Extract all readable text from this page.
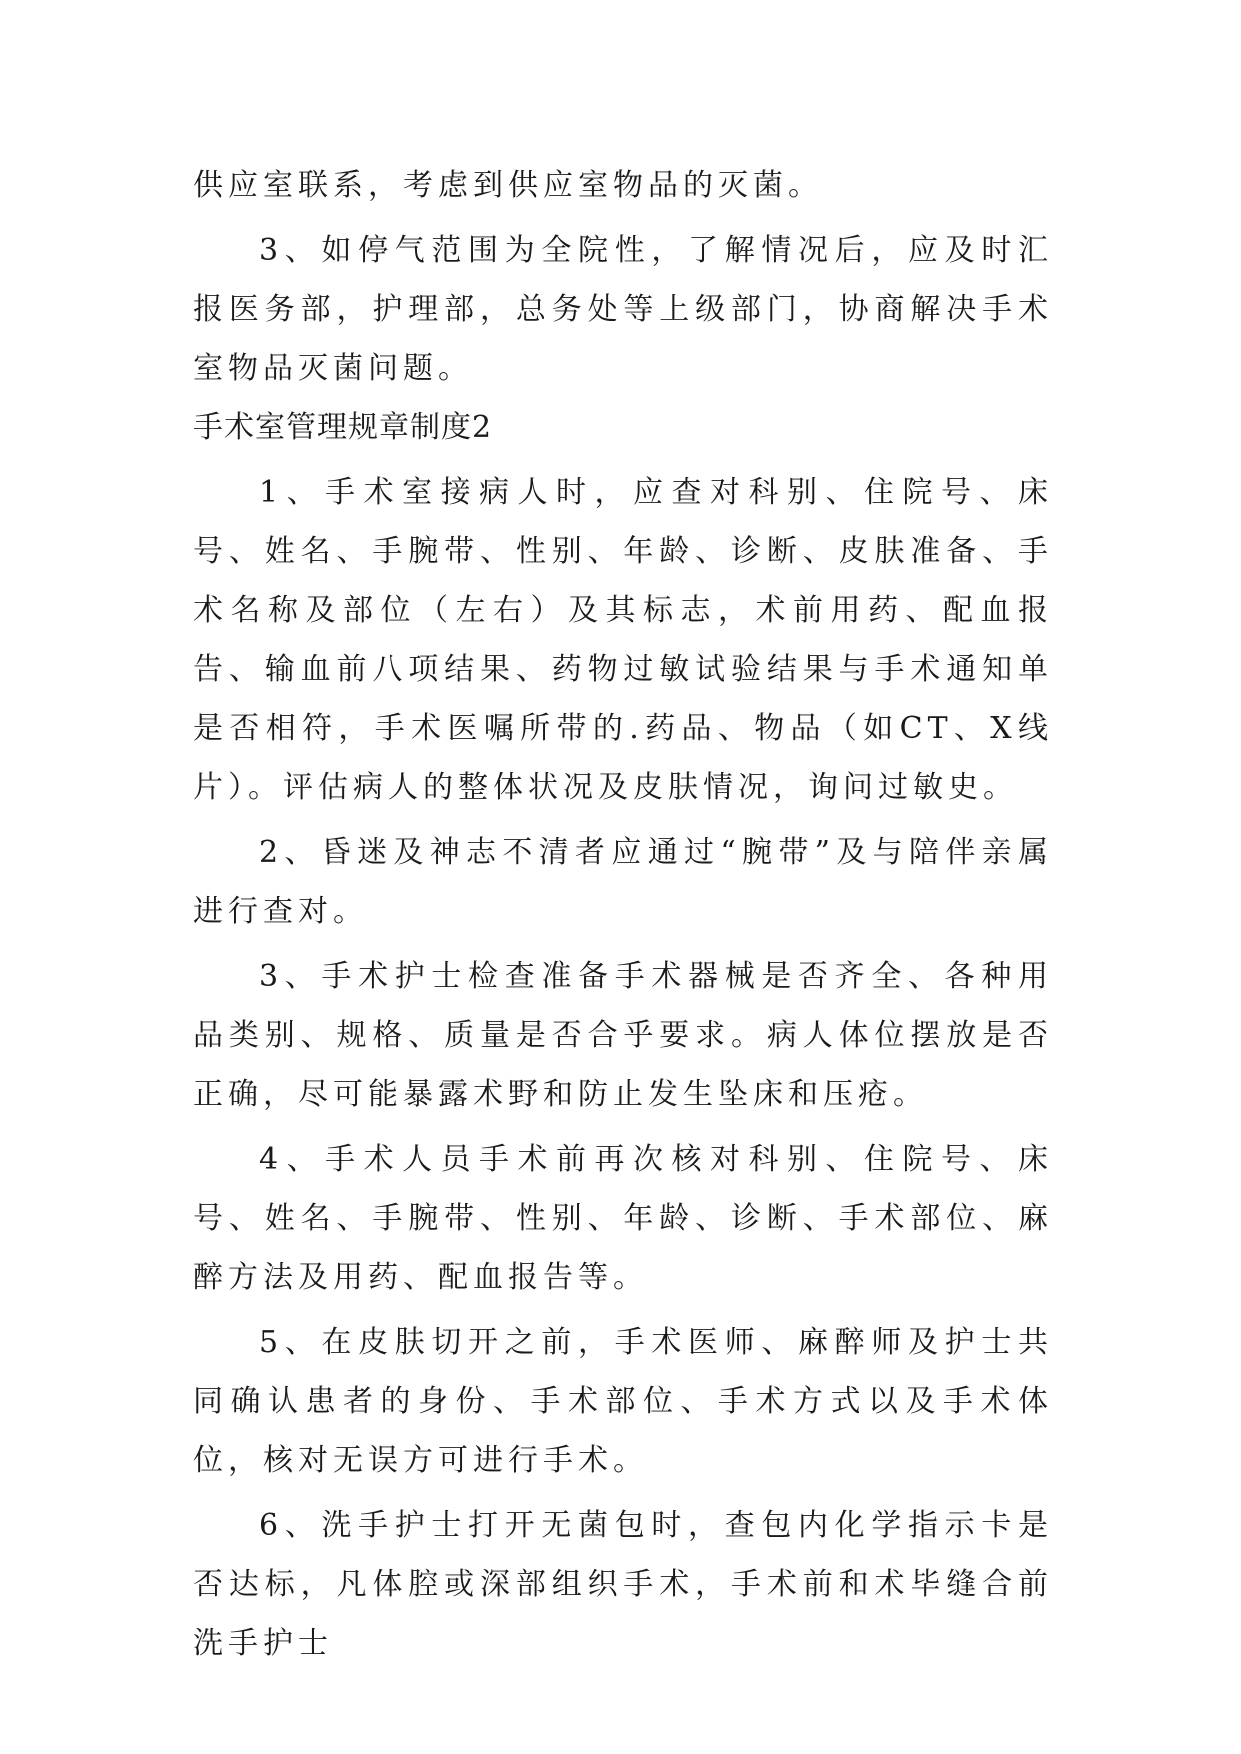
供应室联系，考虑到供应室物品的灭菌。

3、如停气范围为全院性，了解情况后，应及时汇报医务部，护理部，总务处等上级部门，协商解决手术室物品灭菌问题。

手术室管理规章制度2

1、手术室接病人时，应查对科别、住院号、床号、姓名、手腕带、性别、年龄、诊断、皮肤准备、手术名称及部位（左右）及其标志，术前用药、配血报告、输血前八项结果、药物过敏试验结果与手术通知单是否相符，手术医嘱所带的.药品、物品（如CT、X线片）。评估病人的整体状况及皮肤情况，询问过敏史。

2、昏迷及神志不清者应通过“腕带”及与陪伴亲属进行查对。

3、手术护士检查准备手术器械是否齐全、各种用品类别、规格、质量是否合乎要求。病人体位摆放是否正确，尽可能暴露术野和防止发生坠床和压疮。

4、手术人员手术前再次核对科别、住院号、床号、姓名、手腕带、性别、年龄、诊断、手术部位、麻醉方法及用药、配血报告等。

5、在皮肤切开之前，手术医师、麻醉师及护士共同确认患者的身份、手术部位、手术方式以及手术体位，核对无误方可进行手术。

6、洗手护士打开无菌包时，查包内化学指示卡是否达标，凡体腔或深部组织手术，手术前和术毕缝合前洗手护士
